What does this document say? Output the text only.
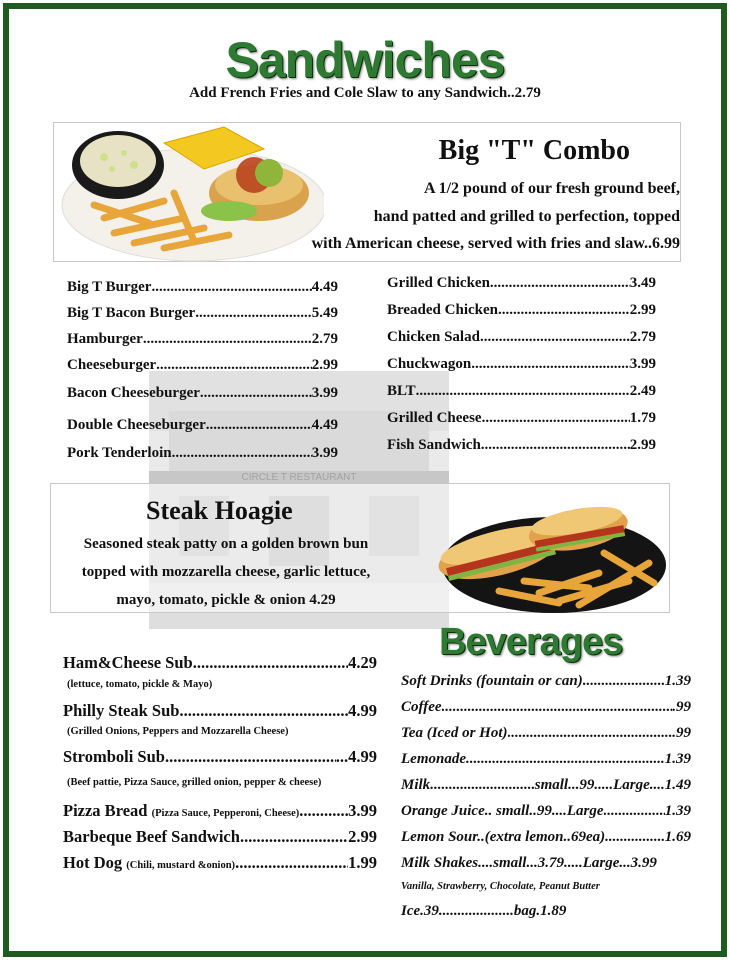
Sandwiches
Add French Fries and Cole Slaw to any Sandwich..2.79
Big "T" Combo
A 1/2 pound of our fresh ground beef,
hand patted and grilled to perfection, topped
with American cheese, served with fries and slaw..6.99
CIRCLE T RESTAURANT
Big T Burger .....	4.49
Big T Bacon Burger .....	5.49
Hamburger .....	2.79
Cheeseburger .....	2.99
Bacon Cheeseburger .....	3.99
Double Cheeseburger .....	4.49
Pork Tenderloin .....	3.99
Grilled Chicken .....	3.49
Breaded Chicken .....	2.99
Chicken Salad .....	2.79
Chuckwagon .....	3.99
BLT .....	2.49
Grilled Cheese .....	1.79
Fish Sandwich .....	2.99
Steak Hoagie
Seasoned steak patty on a golden brown bun
topped with mozzarella cheese, garlic lettuce,
mayo, tomato, pickle & onion 4.29
Ham&Cheese Sub .....	4.29
(lettuce, tomato, pickle & Mayo)
Philly Steak Sub .....	4.99
(Grilled Onions, Peppers and Mozzarella Cheese)
Stromboli Sub .....	...4.99
(Beef pattie, Pizza Sauce, grilled onion, pepper & cheese)
Pizza Bread (Pizza Sauce, Pepperoni, Cheese) .....	3.99
Barbeque Beef Sandwich .....	2.99
Hot Dog (Chili, mustard &onion) .....	1.99
Beverages
Soft Drinks (fountain or can) .....	1.39
Coffee .....	.99
Tea (Iced or Hot) .....	.99
Lemonade .....	1.39
Milk .....	small...99.....Large....1.49
Orange Juice.. small..99....Large .....	1.39
Lemon Sour..(extra lemon..69ea) .....	1.69
Milk Shakes....small...3.79.....Large...3.99
Vanilla, Strawberry, Chocolate, Peanut Butter
Ice.39....................bag.1.89
